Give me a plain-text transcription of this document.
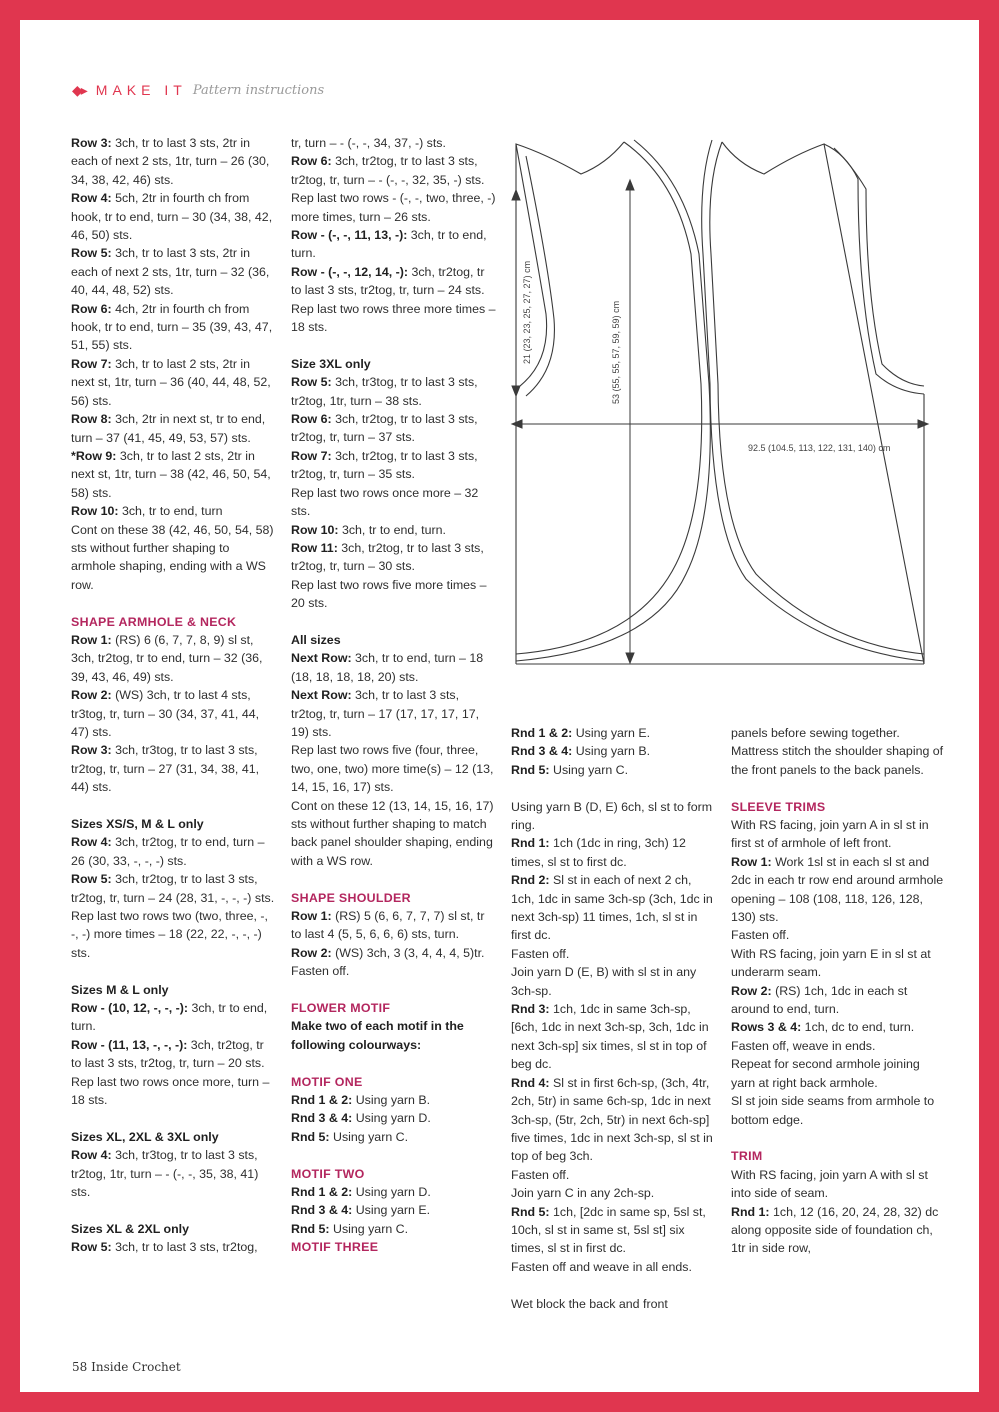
◆▸ MAKE IT Pattern instructions

Row 3: 3ch, tr to last 3 sts, 2tr in each of next 2 sts, 1tr, turn – 26 (30, 34, 38, 42, 46) sts.

Row 4: 5ch, 2tr in fourth ch from hook, tr to end, turn – 30 (34, 38, 42, 46, 50) sts.

Row 5: 3ch, tr to last 3 sts, 2tr in each of next 2 sts, 1tr, turn – 32 (36, 40, 44, 48, 52) sts.

Row 6: 4ch, 2tr in fourth ch from hook, tr to end, turn – 35 (39, 43, 47, 51, 55) sts.

Row 7: 3ch, tr to last 2 sts, 2tr in next st, 1tr, turn – 36 (40, 44, 48, 52, 56) sts.

Row 8: 3ch, 2tr in next st, tr to end, turn – 37 (41, 45, 49, 53, 57) sts.

*Row 9: 3ch, tr to last 2 sts, 2tr in next st, 1tr, turn – 38 (42, 46, 50, 54, 58) sts.

Row 10: 3ch, tr to end, turn

Cont on these 38 (42, 46, 50, 54, 58) sts without further shaping to armhole shaping, ending with a WS row.

SHAPE ARMHOLE & NECK

Row 1: (RS) 6 (6, 7, 7, 8, 9) sl st, 3ch, tr2tog, tr to end, turn – 32 (36, 39, 43, 46, 49) sts.

Row 2: (WS) 3ch, tr to last 4 sts, tr3tog, tr, turn – 30 (34, 37, 41, 44, 47) sts.

Row 3: 3ch, tr3tog, tr to last 3 sts, tr2tog, tr, turn – 27 (31, 34, 38, 41, 44) sts.

Sizes XS/S, M & L only

Row 4: 3ch, tr2tog, tr to end, turn – 26 (30, 33, -, -, -) sts.

Row 5: 3ch, tr2tog, tr to last 3 sts, tr2tog, tr, turn – 24 (28, 31, -, -, -) sts.

Rep last two rows two (two, three, -, -, -) more times – 18 (22, 22, -, -, -) sts.

Sizes M & L only

Row - (10, 12, -, -, -): 3ch, tr to end, turn.

Row - (11, 13, -, -, -): 3ch, tr2tog, tr to last 3 sts, tr2tog, tr, turn – 20 sts.

Rep last two rows once more, turn – 18 sts.

Sizes XL, 2XL & 3XL only

Row 4: 3ch, tr3tog, tr to last 3 sts, tr2tog, 1tr, turn – - (-, -, 35, 38, 41) sts.

Sizes XL & 2XL only

Row 5: 3ch, tr to last 3 sts, tr2tog,

tr, turn – - (-, -, 34, 37, -) sts.

Row 6: 3ch, tr2tog, tr to last 3 sts, tr2tog, tr, turn – - (-, -, 32, 35, -) sts.

Rep last two rows - (-, -, two, three, -) more times, turn – 26 sts.

Row - (-, -, 11, 13, -): 3ch, tr to end, turn.

Row - (-, -, 12, 14, -): 3ch, tr2tog, tr to last 3 sts, tr2tog, tr, turn – 24 sts.

Rep last two rows three more times – 18 sts.

Size 3XL only

Row 5: 3ch, tr3tog, tr to last 3 sts, tr2tog, 1tr, turn – 38 sts.

Row 6: 3ch, tr2tog, tr to last 3 sts, tr2tog, tr, turn – 37 sts.

Row 7: 3ch, tr2tog, tr to last 3 sts, tr2tog, tr, turn – 35 sts.

Rep last two rows once more – 32 sts.

Row 10: 3ch, tr to end, turn.

Row 11: 3ch, tr2tog, tr to last 3 sts, tr2tog, tr, turn – 30 sts.

Rep last two rows five more times – 20 sts.

All sizes

Next Row: 3ch, tr to end, turn – 18 (18, 18, 18, 18, 20) sts.

Next Row: 3ch, tr to last 3 sts, tr2tog, tr, turn – 17 (17, 17, 17, 17, 19) sts.

Rep last two rows five (four, three, two, one, two) more time(s) – 12 (13, 14, 15, 16, 17) sts.

Cont on these 12 (13, 14, 15, 16, 17) sts without further shaping to match back panel shoulder shaping, ending with a WS row.

SHAPE SHOULDER

Row 1: (RS) 5 (6, 6, 7, 7, 7) sl st, tr to last 4 (5, 5, 6, 6, 6) sts, turn.

Row 2: (WS) 3ch, 3 (3, 4, 4, 4, 5)tr.

Fasten off.

FLOWER MOTIF

Make two of each motif in the following colourways:

MOTIF ONE

Rnd 1 & 2: Using yarn B.

Rnd 3 & 4: Using yarn D.

Rnd 5: Using yarn C.

MOTIF TWO

Rnd 1 & 2: Using yarn D.

Rnd 3 & 4: Using yarn E.

Rnd 5: Using yarn C.

MOTIF THREE

Rnd 1 & 2: Using yarn E.

Rnd 3 & 4: Using yarn B.

Rnd 5: Using yarn C.

Using yarn B (D, E) 6ch, sl st to form ring.

Rnd 1: 1ch (1dc in ring, 3ch) 12 times, sl st to first dc.

Rnd 2: Sl st in each of next 2 ch, 1ch, 1dc in same 3ch-sp (3ch, 1dc in next 3ch-sp) 11 times, 1ch, sl st in first dc.

Fasten off.

Join yarn D (E, B) with sl st in any 3ch-sp.

Rnd 3: 1ch, 1dc in same 3ch-sp, [6ch, 1dc in next 3ch-sp, 3ch, 1dc in next 3ch-sp] six times, sl st in top of beg dc.

Rnd 4: Sl st in first 6ch-sp, (3ch, 4tr, 2ch, 5tr) in same 6ch-sp, 1dc in next 3ch-sp, (5tr, 2ch, 5tr) in next 6ch-sp] five times, 1dc in next 3ch-sp, sl st in top of beg 3ch.

Fasten off.

Join yarn C in any 2ch-sp.

Rnd 5: 1ch, [2dc in same sp, 5sl st, 10ch, sl st in same st, 5sl st] six times, sl st in first dc.

Fasten off and weave in all ends.

Wet block the back and front

panels before sewing together.

Mattress stitch the shoulder shaping of the front panels to the back panels.

SLEEVE TRIMS

With RS facing, join yarn A in sl st in first st of armhole of left front.

Row 1: Work 1sl st in each sl st and 2dc in each tr row end around armhole opening – 108 (108, 118, 126, 128, 130) sts.

Fasten off.

With RS facing, join yarn E in sl st at underarm seam.

Row 2: (RS) 1ch, 1dc in each st around to end, turn.

Rows 3 & 4: 1ch, dc to end, turn.

Fasten off, weave in ends.

Repeat for second armhole joining yarn at right back armhole.

Sl st join side seams from armhole to bottom edge.

TRIM

With RS facing, join yarn A with sl st into side of seam.

Rnd 1: 1ch, 12 (16, 20, 24, 28, 32) dc along opposite side of foundation ch, 1tr in side row,

21 (23, 23, 25, 27, 27) cm	53 (55, 55, 57, 59, 59) cm
92.5 (104.5, 113, 122, 131, 140) cm
58 Inside Crochet
